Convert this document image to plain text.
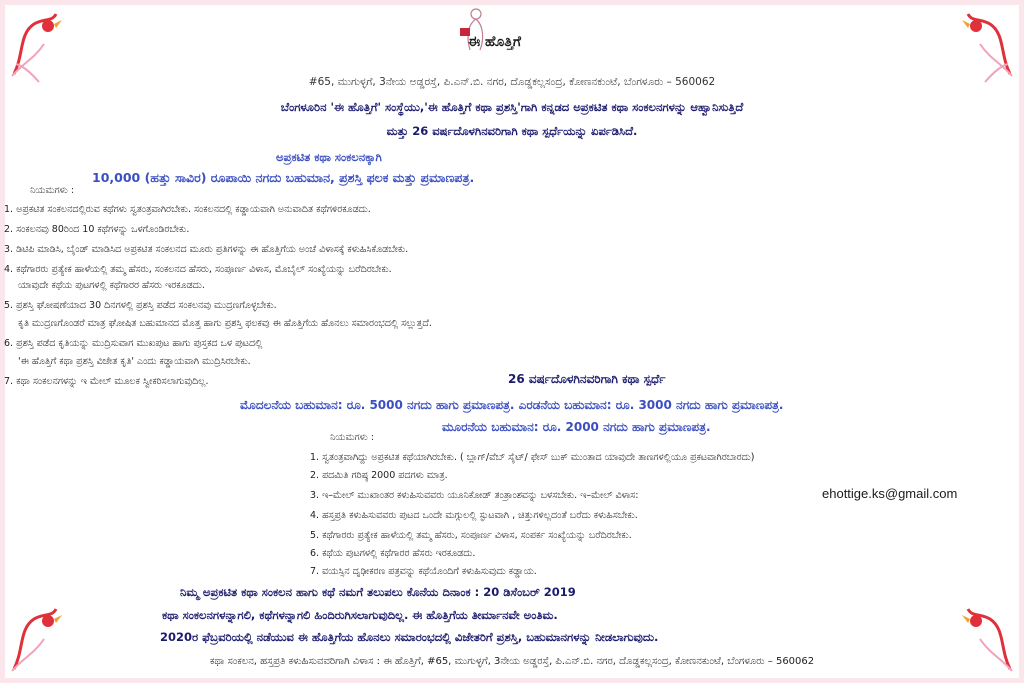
ಈ ಹೊತ್ತಿಗೆ
#65, ಮುಗುಳ್ಳಗೆ, 3ನೇಯ ಅಡ್ಡರಸ್ತೆ, ಪಿ.ಎನ್.ಬಿ. ನಗರ, ದೊಡ್ಡಕಲ್ಲಸಂದ್ರ, ಕೋಣನಕುಂಟೆ, ಬೆಂಗಳೂರು – 560062
ಬೆಂಗಳೂರಿನ 'ಈ ಹೊತ್ತಿಗೆ' ಸಂಸ್ಥೆಯು,'ಈ ಹೊತ್ತಿಗೆ ಕಥಾ ಪ್ರಶಸ್ತಿ'ಗಾಗಿ ಕನ್ನಡದ ಅಪ್ರಕಟಿತ ಕಥಾ ಸಂಕಲನಗಳನ್ನು ಆಹ್ವಾನಿಸುತ್ತಿದೆ
ಮತ್ತು 26 ವರ್ಷದೊಳಗಿನವರಿಗಾಗಿ ಕಥಾ ಸ್ಪರ್ಧೆಯನ್ನು ಏರ್ಪಡಿಸಿದೆ.
ಅಪ್ರಕಟಿತ ಕಥಾ ಸಂಕಲನಕ್ಕಾಗಿ
10,000 (ಹತ್ತು ಸಾವಿರ) ರೂಪಾಯಿ ನಗದು ಬಹುಮಾನ, ಪ್ರಶಸ್ತಿ ಫಲಕ ಮತ್ತು ಪ್ರಮಾಣಪತ್ರ.
ನಿಯಮಗಳು :
1. ಅಪ್ರಕಟಿತ ಸಂಕಲನದಲ್ಲಿರುವ ಕಥೆಗಳು ಸ್ವತಂತ್ರವಾಗಿರಬೇಕು. ಸಂಕಲನದಲ್ಲಿ ಕಡ್ಡಾಯವಾಗಿ ಅನುವಾದಿತ ಕಥೆಗಳಿರಕೂಡದು.
2. ಸಂಕಲನವು 80ರಿಂದ 10 ಕಥೆಗಳನ್ನು ಒಳಗೊಂಡಿರಬೇಕು.
3. ಡಿಟಿಪಿ ಮಾಡಿಸಿ, ಬೈಂಡ್ ಮಾಡಿಸಿದ ಅಪ್ರಕಟಿತ ಸಂಕಲನದ ಮೂರು ಪ್ರತಿಗಳನ್ನು ಈ ಹೊತ್ತಿಗೆಯ ಅಂಚೆ ವಿಳಾಸಕ್ಕೆ ಕಳುಹಿಸಿಕೊಡಬೇಕು.
4. ಕಥೆಗಾರರು ಪ್ರತ್ಯೇಕ ಹಾಳೆಯಲ್ಲಿ ತಮ್ಮ ಹೆಸರು, ಸಂಕಲನದ ಹೆಸರು, ಸಂಪೂರ್ಣ ವಿಳಾಸ, ಮೊಬೈಲ್ ಸಂಖ್ಯೆಯನ್ನು ಬರೆದಿರಬೇಕು.
ಯಾವುದೇ ಕಥೆಯ ಪುಟಗಳಲ್ಲಿ ಕಥೆಗಾರರ ಹೆಸರು ಇರಕೂಡದು.
5. ಪ್ರಶಸ್ತಿ ಘೋಷಣೆಯಾದ 30 ದಿನಗಳಲ್ಲಿ ಪ್ರಶಸ್ತಿ ಪಡೆದ ಸಂಕಲನವು ಮುದ್ರಣಗೊಳ್ಳಬೇಕು.
ಕೃತಿ ಮುದ್ರಣಗೊಂಡರೆ ಮಾತ್ರ ಘೋಷಿತ ಬಹುಮಾನದ ಮೊತ್ತ ಹಾಗು ಪ್ರಶಸ್ತಿ ಫಲಕವು ಈ ಹೊತ್ತಿಗೆಯ ಹೊನಲು ಸಮಾರಂಭದಲ್ಲಿ ಸಲ್ಲುತ್ತದೆ.
6. ಪ್ರಶಸ್ತಿ ಪಡೆದ ಕೃತಿಯನ್ನು ಮುದ್ರಿಸುವಾಗ ಮುಖಪುಟ ಹಾಗು ಪುಸ್ತಕದ ಒಳ ಪುಟದಲ್ಲಿ
'ಈ ಹೊತ್ತಿಗೆ ಕಥಾ ಪ್ರಶಸ್ತಿ ವಿಜೇತ ಕೃತಿ' ಎಂದು ಕಡ್ಡಾಯವಾಗಿ ಮುದ್ರಿಸಿರಬೇಕು.
7. ಕಥಾ ಸಂಕಲನಗಳನ್ನು ಇ ಮೇಲ್ ಮೂಲಕ ಸ್ವೀಕರಿಸಲಾಗುವುದಿಲ್ಲ.	26 ವರ್ಷದೊಳಗಿನವರಿಗಾಗಿ ಕಥಾ ಸ್ಪರ್ಧೆ
ಮೊದಲನೆಯ ಬಹುಮಾನ: ರೂ. 5000 ನಗದು ಹಾಗು ಪ್ರಮಾಣಪತ್ರ. ಎರಡನೆಯ ಬಹುಮಾನ: ರೂ. 3000 ನಗದು ಹಾಗು ಪ್ರಮಾಣಪತ್ರ.
ಮೂರನೆಯ ಬಹುಮಾನ: ರೂ. 2000 ನಗದು ಹಾಗು ಪ್ರಮಾಣಪತ್ರ.
ನಿಯಮಗಳು :
1. ಸ್ವತಂತ್ರವಾಗಿದ್ದು ಅಪ್ರಕಟಿತ ಕಥೆಯಾಗಿರಬೇಕು. ( ಬ್ಲಾಗ್/ವೆಬ್ ಸೈಟ್/ ಫೇಸ್ ಬುಕ್ ಮುಂತಾದ ಯಾವುದೇ ತಾಣಗಳಲ್ಲಿಯೂ ಪ್ರಕಟವಾಗಿರಬಾರದು)
2. ಪದಮಿತಿ ಗರಿಷ್ಠ 2000 ಪದಗಳು ಮಾತ್ರ.
3. ಇ–ಮೇಲ್ ಮುಖಾಂತರ ಕಳುಹಿಸುವವರು ಯೂನಿಕೋಡ್ ತಂತ್ರಾಂಶವನ್ನು ಬಳಸಬೇಕು. ಇ–ಮೇಲ್ ವಿಳಾಸ:
4. ಹಸ್ತಪ್ರತಿ ಕಳುಹಿಸುವವರು ಪುಟದ ಒಂದೇ ಮಗ್ಗುಲಲ್ಲಿ ಸ್ಫುಟವಾಗಿ , ಚಿತ್ತುಗಳಿಲ್ಲದಂತೆ ಬರೆದು ಕಳುಹಿಸಬೇಕು.
5. ಕಥೆಗಾರರು ಪ್ರತ್ಯೇಕ ಹಾಳೆಯಲ್ಲಿ ತಮ್ಮ ಹೆಸರು, ಸಂಪೂರ್ಣ ವಿಳಾಸ, ಸಂಪರ್ಕ ಸಂಖ್ಯೆಯನ್ನು ಬರೆದಿರಬೇಕು.
6. ಕಥೆಯ ಪುಟಗಳಲ್ಲಿ ಕಥೆಗಾರರ ಹೆಸರು ಇರಕೂಡದು.
7. ವಯಸ್ಸಿನ ದೃಢೀಕರಣ ಪತ್ರವನ್ನು ಕಥೆಯೊಂದಿಗೆ ಕಳುಹಿಸುವುದು ಕಡ್ಡಾಯ.
ehottige.ks@gmail.com
ನಿಮ್ಮ ಅಪ್ರಕಟಿತ ಕಥಾ ಸಂಕಲನ ಹಾಗು ಕಥೆ ನಮಗೆ ತಲುಪಲು ಕೊನೆಯ ದಿನಾಂಕ : 20 ಡಿಸೆಂಬರ್ 2019
ಕಥಾ ಸಂಕಲನಗಳನ್ನಾಗಲಿ, ಕಥೆಗಳನ್ನಾಗಲಿ ಹಿಂದಿರುಗಿಸಲಾಗುವುದಿಲ್ಲ. ಈ ಹೊತ್ತಿಗೆಯ ತೀರ್ಮಾನವೇ ಅಂತಿಮ.
2020ರ ಫೆಬ್ರವರಿಯಲ್ಲಿ ನಡೆಯುವ ಈ ಹೊತ್ತಿಗೆಯ ಹೊನಲು ಸಮಾರಂಭದಲ್ಲಿ ವಿಜೇತರಿಗೆ ಪ್ರಶಸ್ತಿ, ಬಹುಮಾನಗಳನ್ನು ನೀಡಲಾಗುವುದು.
ಕಥಾ ಸಂಕಲನ, ಹಸ್ತಪ್ರತಿ ಕಳುಹಿಸುವವರಿಗಾಗಿ ವಿಳಾಸ : ಈ ಹೊತ್ತಿಗೆ, #65, ಮುಗುಳ್ಳಗೆ, 3ನೇಯ ಅಡ್ಡರಸ್ತೆ, ಪಿ.ಎನ್.ಬಿ. ನಗರ, ದೊಡ್ಡಕಲ್ಲಸಂದ್ರ, ಕೋಣನಕುಂಟೆ, ಬೆಂಗಳೂರು – 560062
